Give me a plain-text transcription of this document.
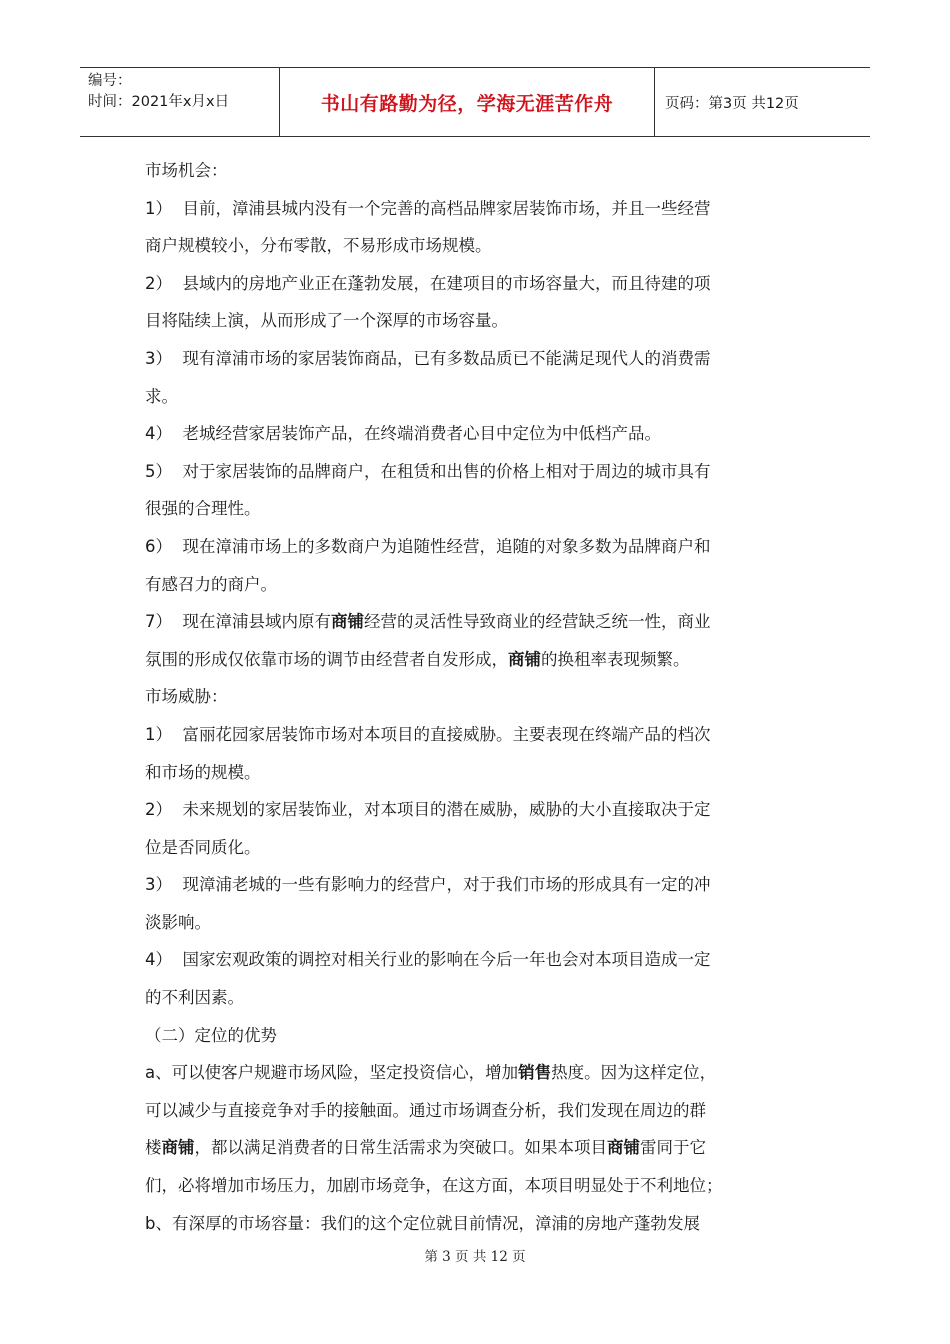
编号：
时间：2021年x月x日	书山有路勤为径，学海无涯苦作舟	页码： 第3页 共12页

市场机会：

1） 目前，漳浦县城内没有一个完善的高档品牌家居装饰市场，并且一些经营

商户规模较小，分布零散，不易形成市场规模。

2） 县域内的房地产业正在蓬勃发展，在建项目的市场容量大，而且待建的项

目将陆续上演，从而形成了一个深厚的市场容量。

3） 现有漳浦市场的家居装饰商品，已有多数品质已不能满足现代人的消费需

求。

4） 老城经营家居装饰产品，在终端消费者心目中定位为中低档产品。

5） 对于家居装饰的品牌商户，在租赁和出售的价格上相对于周边的城市具有

很强的合理性。

6） 现在漳浦市场上的多数商户为追随性经营，追随的对象多数为品牌商户和

有感召力的商户。

7） 现在漳浦县域内原有商铺经营的灵活性导致商业的经营缺乏统一性，商业

氛围的形成仅依靠市场的调节由经营者自发形成，商铺的换租率表现频繁。

市场威胁：

1） 富丽花园家居装饰市场对本项目的直接威胁。主要表现在终端产品的档次

和市场的规模。

2） 未来规划的家居装饰业，对本项目的潜在威胁，威胁的大小直接取决于定

位是否同质化。

3） 现漳浦老城的一些有影响力的经营户，对于我们市场的形成具有一定的冲

淡影响。

4） 国家宏观政策的调控对相关行业的影响在今后一年也会对本项目造成一定

的不利因素。

（二）定位的优势

a、可以使客户规避市场风险，坚定投资信心，增加销售热度。因为这样定位，

可以减少与直接竞争对手的接触面。通过市场调查分析，我们发现在周边的群

楼商铺，都以满足消费者的日常生活需求为突破口。如果本项目商铺雷同于它

们，必将增加市场压力，加剧市场竞争，在这方面，本项目明显处于不利地位；

b、有深厚的市场容量：我们的这个定位就目前情况，漳浦的房地产蓬勃发展

第 3 页 共 12 页
